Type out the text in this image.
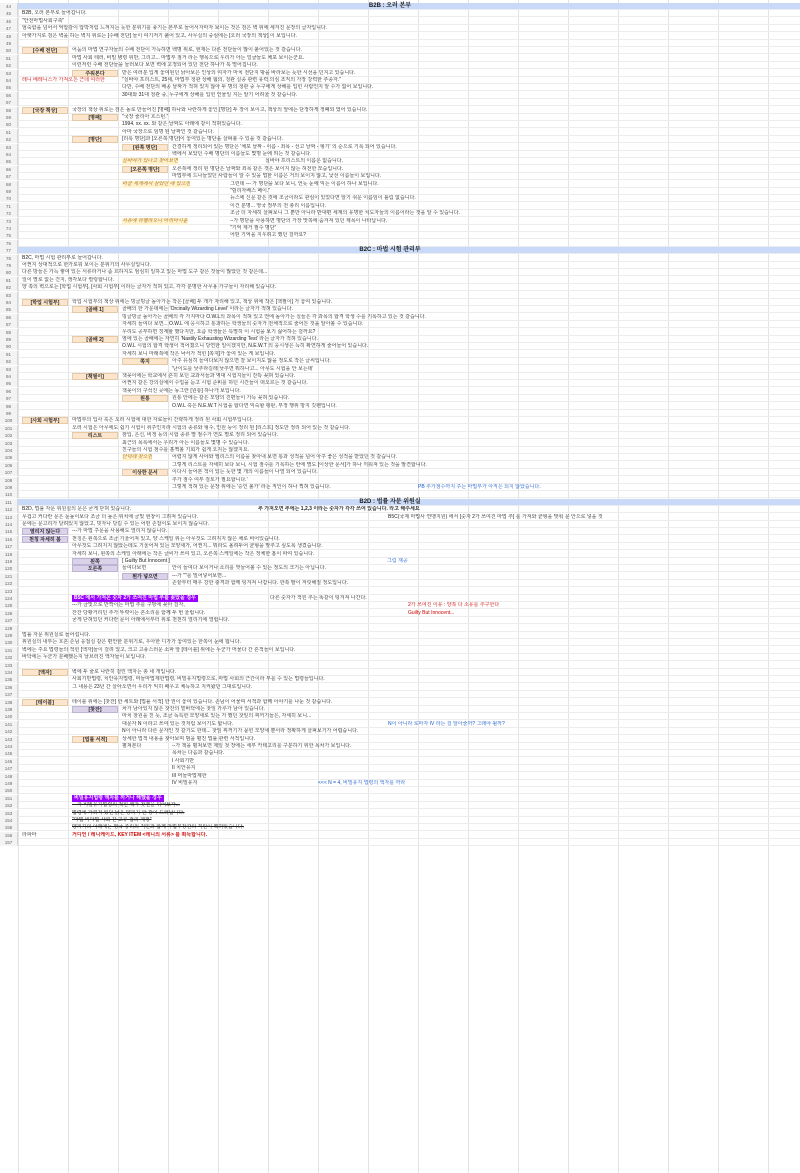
44	B2B : 오러 본부
45	B2B, 오러 본부로 들어갑니다.
46	"안전마법사회구축"
47	엄숙함을 넘어서 억압감이 압박처럼 느껴지는 듯한 분위기를 풍기는 본부로 들어서자마자 보이는 것은 검은 벽 위에 세겨진 문장의 글자입니다.
48	아랫가지로 검은 벽을 하는 벽지 위로는 [수배 전단] 들이 여기저기 붙어 있고, 사무실의 중심에는 [오러 국장의 책상] 이 보입니다.
49
50	[수배 전단]	어둠의 마법 연구자들의 수배 전단이 가득하면 백명 위로, 현재는 다른 전단들이 많이 붙어있는 것 같습니다.
51	마법 사회 테러, 비밀 병령 위반, 그리고... 마법부 점거 라는 행목으로 우리가 아는 얼굴들도 체포 보이는군요.
52	이런저런 수배 전단들을 둘러보다 보면 벽에 고정되어 있던 전단 하나가 툭 떨어집니다.
53	주워본다	받은 여러분 입게 놓여된던 낡아보은 인상의 여자가 마치 전단지 밖을 바라보는 듯한 시선을 던지고 있습니다.
54	레니 베레니스가 가져오든 근데 여러한	"실바야 프리스트, 25세, 마법부 청관 상해 혐의, 청관 실종 관련 유력 의심 조직의 가장 강력한 추종자."
55	다만, 수배 전단의 배공 날짜가 적혀 있지 않아 두 명의 청관 중 누구에게 상해를 입힌 사람인지 알 수가 없어 보입니다.
56	30대와 31대 청관 중, 누구에게 상해를 입힌 인물일 지는 알기 어려울 것 같습니다.
57
58	[국장 책상]	국장의 책상 위로는 검은 돌로 만들어진 [명패] 하나와 나란하게 놓인 [명단] 두 장이 보이고, 책상의 앞에는 단정하게 정폐되 였어 있습니다.
59	[명패]	"국장 줄리아 흐스턴."
60	1994. xx. xx. 와 같은 날짜도 아래에 같이 적혀있습니다.
61	아마 국장으로 임명 된 날짜인 것 같습니다.
62	[명단]	[리록 명단]과 [오른쪽 명단]이 놓여있는 명단을 살펴볼 수 있을 것 같습니다.
63	[왼쪽 명단]	간결하게 정리되어 있는 명단은 '체포 날짜 - 이름 - 죄목 - 선고 날짜 - 형기' 의 순으로 기록 되어 있습니다.
64	벡에서 보았던 수배 명단의 이름들도 몇명 눈에 띄는 것 같습니다.
65	실바야가 있나고 찾아보면	실바야 프리스트의 이름은 없습니다.
66	[오른쪽 명단]	오른쪽에 정리 된 명단은 날짜와 죄목 같은 것은 보이지 않는 허전한 모습입니다.
67	마법부에 드나들었던 사람들이 알 수 있을 법한 이름은 거의 보이지 않고, 낯선 이름들이 보입니다.
68	머글 세계에서 살았던 애 있으면	그런데 --- 가 명단을 보다 보니, 언듯 눈에 익는 이름이 하나 보입니다.
69	"릴리자베스 페이."
70	뉴스에 신문 같은 것에 조금이라도 관심이 있었다면 알기 쉬운 이름임이 틀림 없습니다.
71	이건 분명... 영국 정부의 전 총리 이름입니다.
72	조금 더 자세히 살펴보니 그 뿐만 아니라 반대편 세계의 유명한 치도자들의 이름이라는 것을 알 수 있습니다.
73	서유에 리뗄라오니 아리아시윤	--가 명단을 사용하면 명단의 가장 맛쪽에 숨겨져 있던 제목이 나타납니다.
74	"기억 제거 필수 명단"
75	어떤 기억을 지우려고 했던 걸까요?
76
77	B2C : 마법 시험 관리부
78	B2C, 마법 시험 관리부로 들어갑니다.
79	어쩐지 상대적으로 한가로워 보이는 분위기의 사무실입니다.
80	다른 방들은 가득 쌓여 있는 서류라거나 좀 흐하지도 엄심히 일하고 있는 마법 도구 같은 것들이 많았던 것 같은데...
81	일이 별로 없는 건지, 생각보다 썰렁합니다.
82	양 쪽의 벽으로는 [학업 시험부], [사회 시험부] 이라는 글자가 적혀 있고, 각각 분명한 사무용 가구들이 자리해 있습니다.
83
84	[학업 시험부]	학업 시험부의 책상 위에는 빙글빙글 돌아가는 작은 [골배] 두 개가 자리해 있고, 책상 위에 작은 [책필이] 가 놓여 있습니다.
85	[골배 1]	골배의 한 가운데에는 'Orcinally Wizarding Level' 이라는 글자가 적혀 있습니다.
86	빙글빙글 돌아가는 골배의 각 가지마다 O.W.L의 과목이 적혀 있고 안에 돌아가는 실들은 각 과목의 합격 학생 수를 기록하고 있는 것 같습니다.
87	자세히 들여다 보면... O.W.L 에 응시하고 통과하는 학생들의 숫자가 전체적으로 줄어든 것을 알아볼 수 있습니다.
88	우리도 공부하면 징계할 했다지만, 요즘 학생들은 특별히 이 시험을 보기 싫어하는 걸까요?
89	[골배 2]	옆에 있는 골배에는 자연히 'Nastily Exhausting Wizarding Test' 라는 글자가 적혀 있습니다.
90	O.W.L 시험의 합격 학생이 적어졌으니 당연한 일이겠지만, N.E.W.T 의 응시생은 득히 확연하게 줄어들어 있습니다.
91	자세히 보니 마래쪽에 작은 낙서가 적힌 [쪽지]가 놓여 있는 게 보입니다.
92	쪽지	아주 유심히 들여다보지 않으면 잘 보이지도 않을 정도로 작은 글씨입니다.
93	'난이도를 낮추라길래 낮추면 뭐하나고... 아무도 시험을 안 보는데'
94	[책필이]	책꽂이에는 학교에서 흔히 보던 교과서들과 역대 시험지들이 잔뜩 꽂혀 있습니다.
95	어쩐지 같은 강의실에서 수업을 듣고 시험 준비를 하던 시간들이 떠오르는 것 같습니다.
96	책꽂이의 구석진 곳에는 동그란 [원통] 하나가 보입니다.
97	원통	원통 안에는 같은 모양의 진편들이 가득 꽂혀 있습니다.
98	O.W.L 혹은 N.E.W.T 시험을 합다면 익숙할 펑판, 부정 행위 방지 깃펜입니다.
99
100	[사회 시험부]	마법부의 입사 혹은 오러 시험에 대한 자료들이 간략하게 정리 된 사회 시험부입니다.
101	오러 시험은 아무에도 쉽기 시험이 취주인지라 시험의 종류와 형수, 인원 등이 정리 된 [리스트] 정도만 정리 되어 있는 것 같습니다.
102	리스트	잠입, 은신, 비정 등의 시험 종류 별 점수가 연도 별로 정리 되어 있습니다.
103	최근의 목록에서는 우리가 아는 이름들도 몇명 수 있습니다.
104	친구들의 시험 점수를 흘쩍볼 기회가 쉽게 오지는 않겠지요.
105	안덕데 찾으면	어렴지 않게 사야와 엘리스의 이름을 찾아내 보면 통과 성적을 넘어 아주 좋은 성적을 받았던 것 같습니다.
106	그렇게 리스트를 자세히 보다 보니, 시험 점수를 기록하는 란에 별도 [이상한 문서]가 하나 끼워져 있는 것을 발견합니다.
107	이상한 문서	이다시 들어본 적이 있는 듯한 몇 개의 이름들이 나열 되어 있습니다.
108	추가 점수 여부 검토가 필요합니다.'
109	그렇게 적혀 있는 문장 위에는 '승인 불가' 라는 직인이 하나 찍혀 있습니다.	PB 추가점수까지 주는 마법부가 아직은 되지 않았습니다.
110
111	B2D : 법률 자문 위원실
112	B2D, 법률 자문 위원실의 문은 굳게 닫혀 있습니다.	추 가져오면 추에는 1,2,3 이라는 숫자가 각각 쓰여 있습니다. 라고 해주세요
113	무겁고 커다란 문은 눈높이보다 조금 더 높은 위치에 금빛 현창이 그려져 있습니다.	B5C(국제 마법사 연맹지원) 에서 [숫자 2가 쓰여진 마법 추] 를 가져와 균형을 맞춰 문 안으로 넣을 것
114	문에는 문고리가 달려있지 않았고, 빗자나 당길 수 있는 어떤 손잡이도 보이지 않습니다.
115	열리지 않는다	---가 마법 주문을 사용해도 열리지 않습니다.
116	천칭 자세히 봄	천칭은 왼쪽으로 조금 기울어져 있고, 양 스케일 위는 아무것도 그려지지 않은 채로 비어있습니다.
117	아무것도 그려지지 않았는데도 기울어져 있는 모양새가, 어쩐지... 뭐라도 올려두어 균형을 맞추고 싶도록 생겼습니다.
118	자세히 보니, 왼쪽의 스케일 아래에는 작은 글씨가 쓰여 있고, 오른쪽 스케일에는 작은 정체한 홈이 파여 있습니다.
119	왼쪽	[ Guilty But Innocent ]	그림 재공
120	오른쪽	들여다보면	안이 들여다 보이거나 소리를 엿들어볼 수 있는 정도의 크기는 아닙니다.
121	뭔가 넣으면	---가 ""를 밀어넣어보면...
122	손끝부터 매우 강한 충격과 함께 팅겨져 나갑니다. 한쪽 팔이 저릿해질 정도입니다.
123
124	B5C 에서 가져온 숫자 2가 쓰여진 마법 추를 꽂았을 경우	다른 숫자가 적힌 추는 똑같이 팅겨져 나간다.
125	---가 금빛으로 반짝이는 마법 추를 구멍에 꽂아 걸자,	2가 쓰여진 이유 : 양쪽 다 소유를 추구한다
126	잔잔 당황거리던 추가 뚜렷이는 흔소리를 함께 두 번 울립니다.	Guilty But Innocent...
127	굳게 닫혀있던 커다란 문이 아래에서부터 위로 천천히 열리기에 열립니다.
128
129	법률 자문 위원실로 들어섭니다.
130	위원실의 내부는 흐흔 손님 응접실 같은 편안한 분위기로, 우아한 디가가 놓여있는 한쪽이 눈에 띕니다.
131	벽에는 주요 법령들의 적힌 [액자]들이 걸려 있고, 크고 고풍스러운 소파 앞 [테이블] 위에는 누군가 머물다 간 흔적들이 보입니다.
132	바닥에는 누군가 분배했는지 날브러진 액자들이 보입니다.
133
134	[액자]	벽에 두 줄로 나란히 걸린 액자는 총 네 개입니다.
135	사회기반법령, 치안유지법령, 머들마법제한법령, 비밀유지법령으로, 마법 사회의 근간이라 부를 수 있는 법령들입니다.
136	그 내용은 23년 간 살아오면서 우리가 익히 배우고 체득하고 지켜왔던 그대로입니다.
137
138	[테이블]	테이블 위에는 [찻잔] 한 세트와 [법률 서적] 한 권이 놓여 있습니다. 손님이 어물며 서적과 함께 이야기를 나눈 것 같습니다.
139	[찻잔]	차가 남아있지 않은 찻잔의 밑바닥에는 찻잎 가루가 남아 있습니다.
140	마치 창원을 친 듯, 조금 독특한 모양새로 있는 가 했던 찻잎의 찌꺼기들은, 자세히 보니...
141	대문자 N 이라고 쓰여 있는 것처럼 보이기도 합니다.	N이 아니라 로마자 IV 라는 걸 알아줄까? 그래야 될까?
142	N이 아니라 다른 문자인 것 같기도 한데... 찻잎 찌꺼기가 묻힌 모양새 뿐이라 정확하게 살펴보기가 어렵습니다.
143	[법률 서적]	상세한 법적 내용을 찾아보며 범을 펼친 법률 관련 서적입니다.
144	펼쳐본다	--가 책을 펼쳐보면 제일 첫 장에는 세부 카테고리를 구분하기 위한 목차가 보입니다.
145	목차는 다음과 같습니다.
146	I 사회기반
147	II 치안유지
148	III 머들마법제한
149	IV 비밀유지	<<< N = 4, 비밀유지 법령의 액자를 까라
150
151	비밀유지법령 액자를 까거나 해했을 경우
152	---가 비밀유지법령의 적힌 액자 찾젠을 뒤어보자...
153	법령에 가려져 있던 낡은 양피지 한 장이 드러납니다.
154	"마법 비마법 사회 간 교류 접의 제정"
155	양피지의 아래에는 영국 총리의 직인과 함께 마법부장관의 직인이 찍혀있습니다.
156	라파마	거디언 / 레니케이드, KEY ITEM <레니의 서류> 를 획득합니다.
157
